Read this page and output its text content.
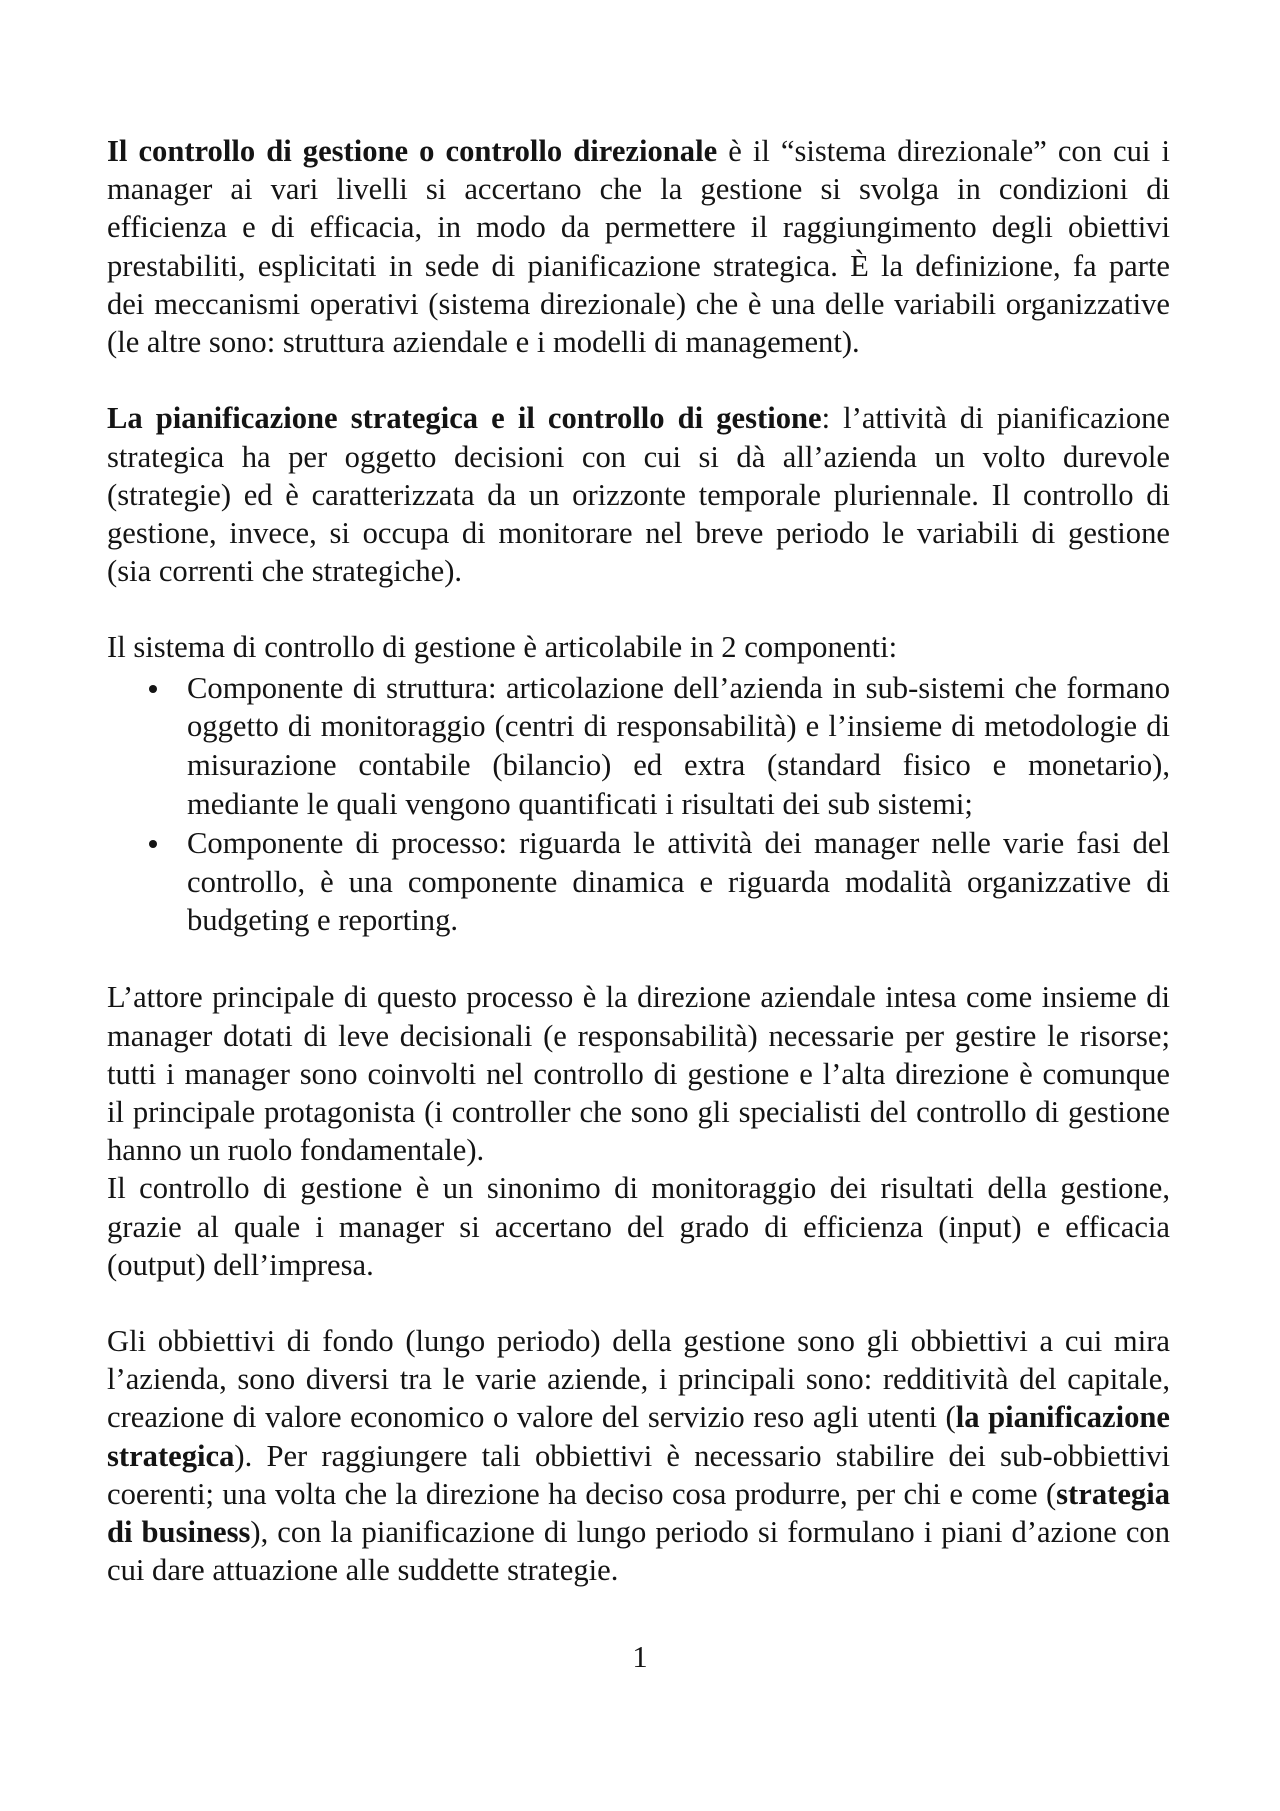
Il controllo di gestione o controllo direzionale è il “sistema direzionale” con cui i
manager ai vari livelli si accertano che la gestione si svolga in condizioni di
efficienza e di efficacia, in modo da permettere il raggiungimento degli obiettivi
prestabiliti, esplicitati in sede di pianificazione strategica. È la definizione, fa parte
dei meccanismi operativi (sistema direzionale) che è una delle variabili organizzative
(le altre sono: struttura aziendale e i modelli di management).
La pianificazione strategica e il controllo di gestione: l’attività di pianificazione
strategica ha per oggetto decisioni con cui si dà all’azienda un volto durevole
(strategie) ed è caratterizzata da un orizzonte temporale pluriennale. Il controllo di
gestione, invece, si occupa di monitorare nel breve periodo le variabili di gestione
(sia correnti che strategiche).
Il sistema di controllo di gestione è articolabile in 2 componenti:
Componente di struttura: articolazione dell’azienda in sub-sistemi che formano
oggetto di monitoraggio (centri di responsabilità) e l’insieme di metodologie di
misurazione contabile (bilancio) ed extra (standard fisico e monetario),
mediante le quali vengono quantificati i risultati dei sub sistemi;
Componente di processo: riguarda le attività dei manager nelle varie fasi del
controllo, è una componente dinamica e riguarda modalità organizzative di
budgeting e reporting.
L’attore principale di questo processo è la direzione aziendale intesa come insieme di
manager dotati di leve decisionali (e responsabilità) necessarie per gestire le risorse;
tutti i manager sono coinvolti nel controllo di gestione e l’alta direzione è comunque
il principale protagonista (i controller che sono gli specialisti del controllo di gestione
hanno un ruolo fondamentale).
Il controllo di gestione è un sinonimo di monitoraggio dei risultati della gestione,
grazie al quale i manager si accertano del grado di efficienza (input) e efficacia
(output) dell’impresa.
Gli obbiettivi di fondo (lungo periodo) della gestione sono gli obbiettivi a cui mira
l’azienda, sono diversi tra le varie aziende, i principali sono: redditività del capitale,
creazione di valore economico o valore del servizio reso agli utenti (la pianificazione
strategica). Per raggiungere tali obbiettivi è necessario stabilire dei sub-obbiettivi
coerenti; una volta che la direzione ha deciso cosa produrre, per chi e come (strategia
di business), con la pianificazione di lungo periodo si formulano i piani d’azione con
cui dare attuazione alle suddette strategie.
1
